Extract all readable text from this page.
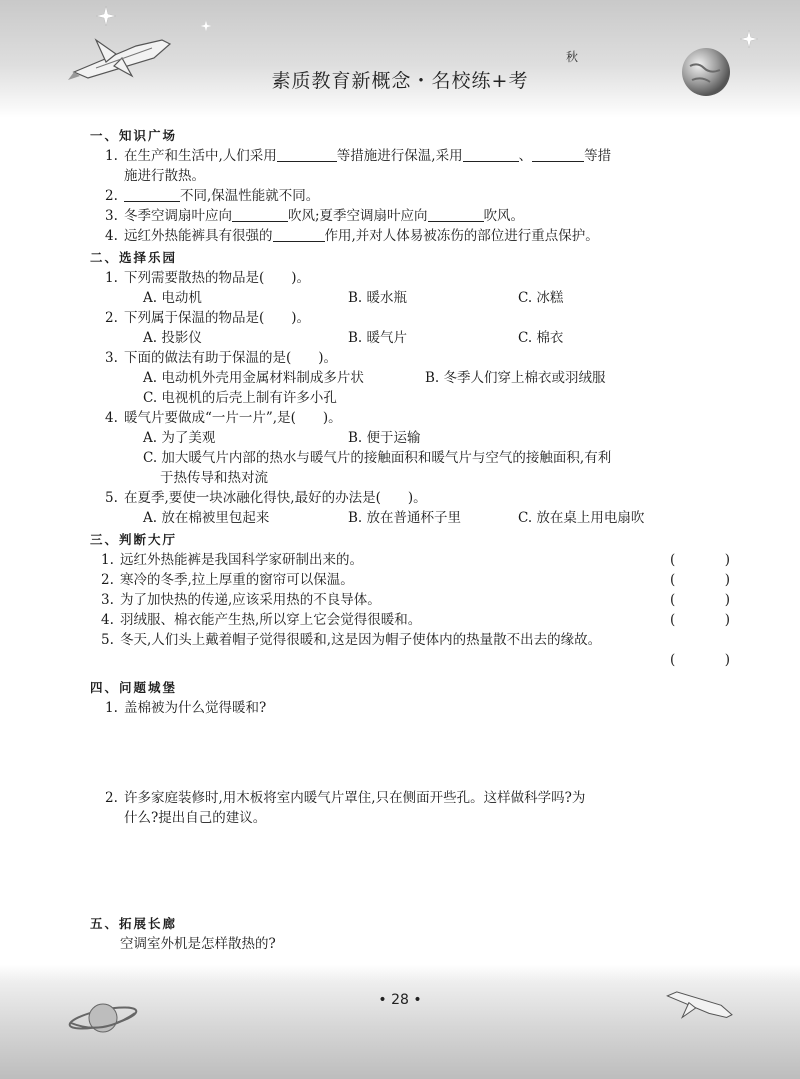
秋
素质教育新概念・名校练+考
• 28 •
一、知识广场
1. 在生产和生活中,人们采用	等措施进行保温,采用	、	等措
施进行散热。
2.	不同,保温性能就不同。
3. 冬季空调扇叶应向	吹风;夏季空调扇叶应向	吹风。
4. 远红外热能裤具有很强的	作用,并对人体易被冻伤的部位进行重点保护。
二、选择乐园
1. 下列需要散热的物品是(　　)。
A. 电动机	B. 暖水瓶	C. 冰糕
2. 下列属于保温的物品是(　　)。
A. 投影仪	B. 暖气片	C. 棉衣
3. 下面的做法有助于保温的是(　　)。
A. 电动机外壳用金属材料制成多片状	B. 冬季人们穿上棉衣或羽绒服
C. 电视机的后壳上制有许多小孔
4. 暖气片要做成“一片一片”,是(　　)。
A. 为了美观	B. 便于运输
C. 加大暖气片内部的热水与暖气片的接触面积和暖气片与空气的接触面积,有利
于热传导和热对流
5. 在夏季,要使一块冰融化得快,最好的办法是(　　)。
A. 放在棉被里包起来	B. 放在普通杯子里	C. 放在桌上用电扇吹
三、判断大厅
1. 远红外热能裤是我国科学家研制出来的。	(	)
2. 寒冷的冬季,拉上厚重的窗帘可以保温。	(	)
3. 为了加快热的传递,应该采用热的不良导体。	(	)
4. 羽绒服、棉衣能产生热,所以穿上它会觉得很暖和。	(	)
5. 冬天,人们头上戴着帽子觉得很暖和,这是因为帽子使体内的热量散不出去的缘故。
(	)
四、问题城堡
1. 盖棉被为什么觉得暖和?
2. 许多家庭装修时,用木板将室内暖气片罩住,只在侧面开些孔。这样做科学吗?为
什么?提出自己的建议。
五、拓展长廊
空调室外机是怎样散热的?
